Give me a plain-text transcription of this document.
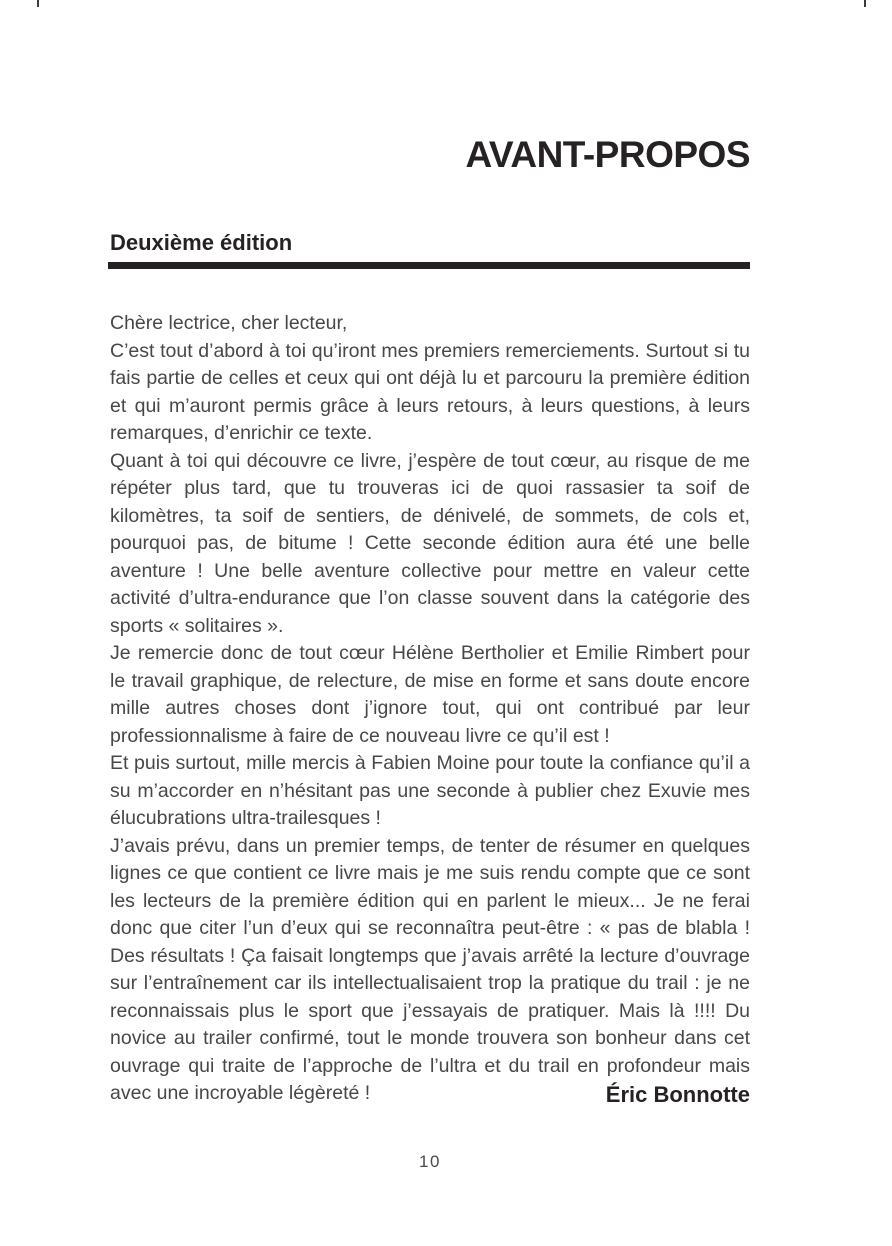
AVANT-PROPOS
Deuxième édition

Chère lectrice, cher lecteur,

C’est tout d’abord à toi qu’iront mes premiers remerciements. Surtout si tu fais partie de celles et ceux qui ont déjà lu et parcouru la première édition et qui m’auront permis grâce à leurs retours, à leurs questions, à leurs remarques, d’enrichir ce texte.

Quant à toi qui découvre ce livre, j’espère de tout cœur, au risque de me répéter plus tard, que tu trouveras ici de quoi rassasier ta soif de kilomètres, ta soif de sentiers, de dénivelé, de sommets, de cols et, pourquoi pas, de bitume ! Cette seconde édition aura été une belle aventure ! Une belle aventure collective pour mettre en valeur cette activité d’ultra-endurance que l’on classe souvent dans la catégorie des sports « solitaires ».

Je remercie donc de tout cœur Hélène Bertholier et Emilie Rimbert pour le travail graphique, de relecture, de mise en forme et sans doute encore mille autres choses dont j’ignore tout, qui ont contribué par leur professionnalisme à faire de ce nouveau livre ce qu’il est !

Et puis surtout, mille mercis à Fabien Moine pour toute la confiance qu’il a su m’accorder en n’hésitant pas une seconde à publier chez Exuvie mes élucubrations ultra-trailesques !

J’avais prévu, dans un premier temps, de tenter de résumer en quelques lignes ce que contient ce livre mais je me suis rendu compte que ce sont les lecteurs de la première édition qui en parlent le mieux... Je ne ferai donc que citer l’un d’eux qui se reconnaîtra peut-être : « pas de blabla ! Des résultats ! Ça faisait longtemps que j’avais arrêté la lecture d’ouvrage sur l’entraînement car ils intellectualisaient trop la pratique du trail : je ne reconnaissais plus le sport que j’essayais de pratiquer. Mais là !!!! Du novice au trailer confirmé, tout le monde trouvera son bonheur dans cet ouvrage qui traite de l’approche de l’ultra et du trail en profondeur mais avec une incroyable légèreté !	Éric Bonnotte
10
